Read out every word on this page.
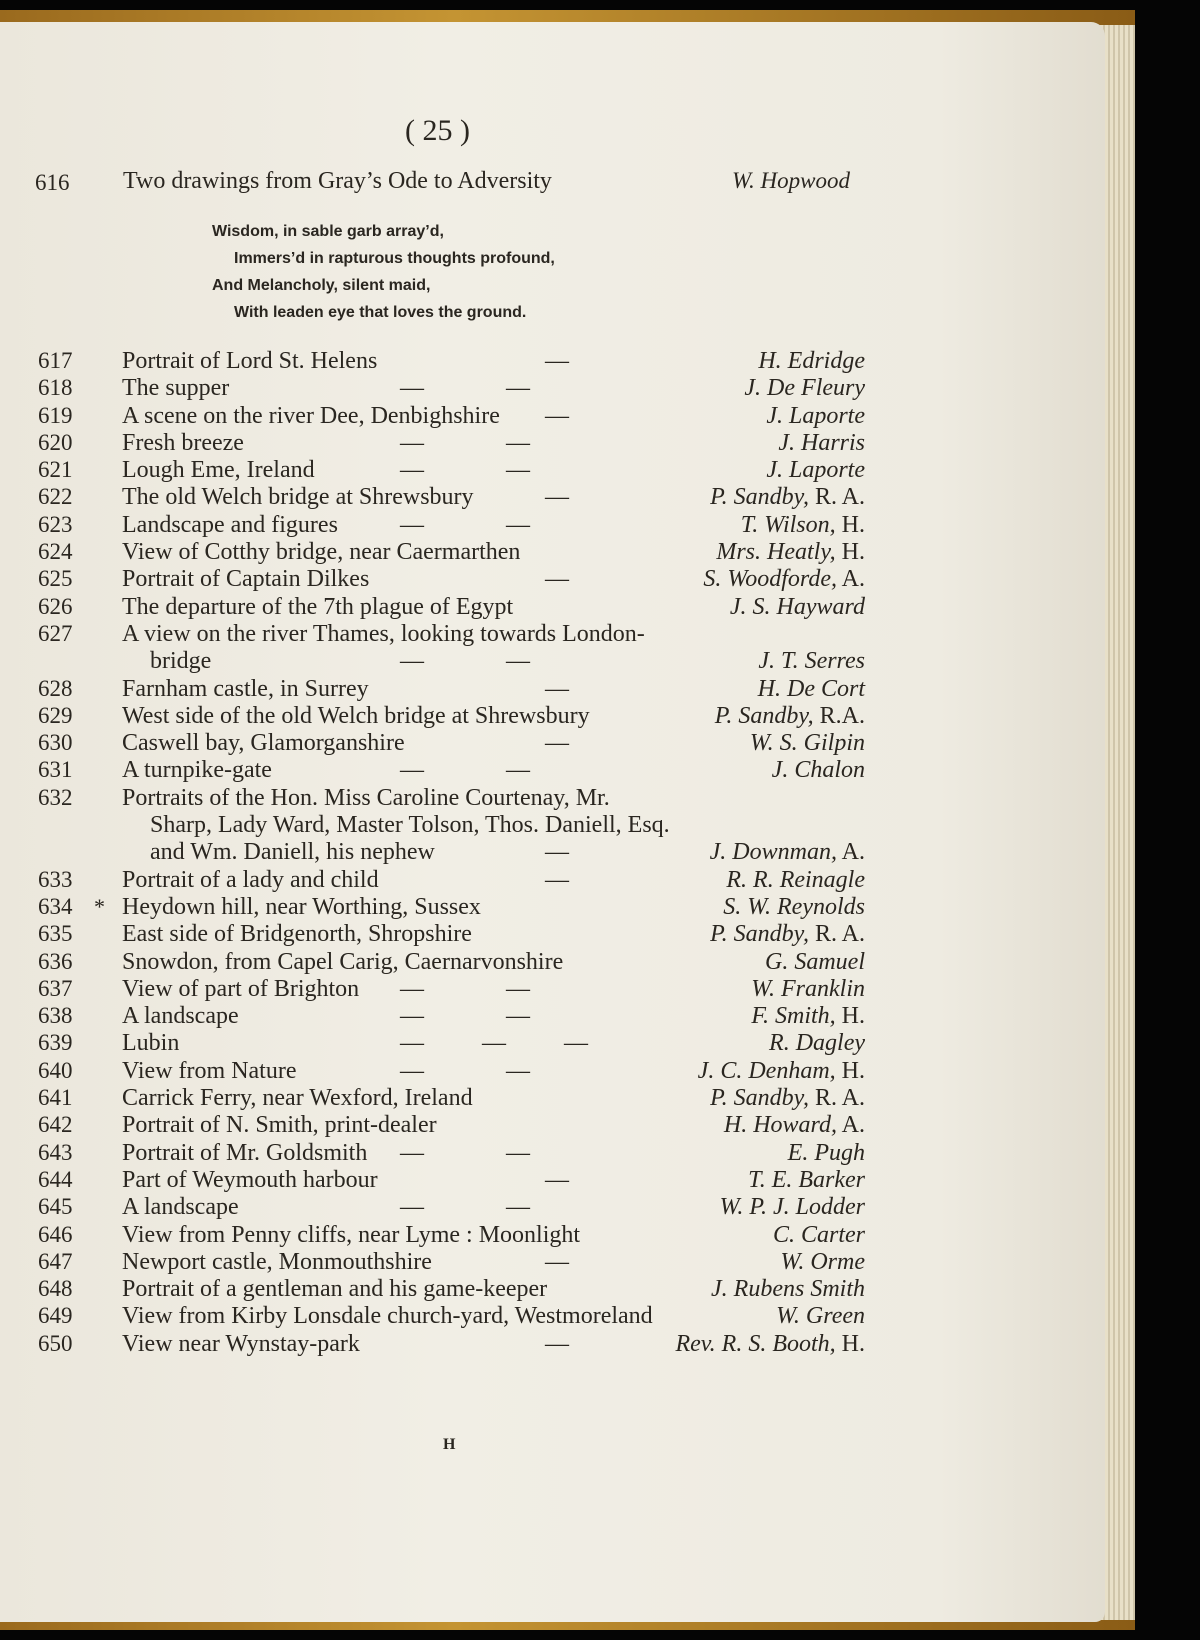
( 25 )
616 Two drawings from Gray’s Ode to Adversity	W. Hopwood
Wisdom, in sable garb array’d,
Immers’d in rapturous thoughts profound,
And Melancholy, silent maid,
With leaden eye that loves the ground.
617 Portrait of Lord St. Helens	—	H. Edridge
618 The supper	—          —	J. De Fleury
619 A scene on the river Dee, Denbighshire —	J. Laporte
620 Fresh breeze	—          —	J. Harris
621 Lough Eme, Ireland	—          —	J. Laporte
622 The old Welch bridge at Shrewsbury	—	P. Sandby, R. A.
623 Landscape and figures	—          —	T. Wilson, H.
624 View of Cotthy bridge, near Caermarthen	Mrs. Heatly, H.
625 Portrait of Captain Dilkes	—	S. Woodforde, A.
626 The departure of the 7th plague of Egypt	J. S. Hayward
627 A view on the river Thames, looking towards London-
bridge	—          —	J. T. Serres
628 Farnham castle, in Surrey	—	H. De Cort
629 West side of the old Welch bridge at Shrewsbury	P. Sandby, R.A.
630 Caswell bay, Glamorganshire	—	W. S. Gilpin
631 A turnpike-gate	—          —	J. Chalon
632 Portraits of the Hon. Miss Caroline Courtenay, Mr.
Sharp, Lady Ward, Master Tolson, Thos. Daniell, Esq.
and Wm. Daniell, his nephew	—	J. Downman, A.
633 Portrait of a lady and child	—	R. R. Reinagle
634 * Heydown hill, near Worthing, Sussex	S. W. Reynolds
635 East side of Bridgenorth, Shropshire	P. Sandby, R. A.
636 Snowdon, from Capel Carig, Caernarvonshire	G. Samuel
637 View of part of Brighton —          —	W. Franklin
638 A landscape	—          —	F. Smith, H.
639 Lubin	—       —       —	R. Dagley
640 View from Nature	—          —	J. C. Denham, H.
641 Carrick Ferry, near Wexford, Ireland	P. Sandby, R. A.
642 Portrait of N. Smith, print-dealer	H. Howard, A.
643 Portrait of Mr. Goldsmith —          —	E. Pugh
644 Part of Weymouth harbour	—	T. E. Barker
645 A landscape	—          —	W. P. J. Lodder
646 View from Penny cliffs, near Lyme : Moonlight	C. Carter
647 Newport castle, Monmouthshire	—	W. Orme
648 Portrait of a gentleman and his game-keeper	J. Rubens Smith
649 View from Kirby Lonsdale church-yard, Westmoreland	W. Green
650 View near Wynstay-park	—	Rev. R. S. Booth, H.
H
